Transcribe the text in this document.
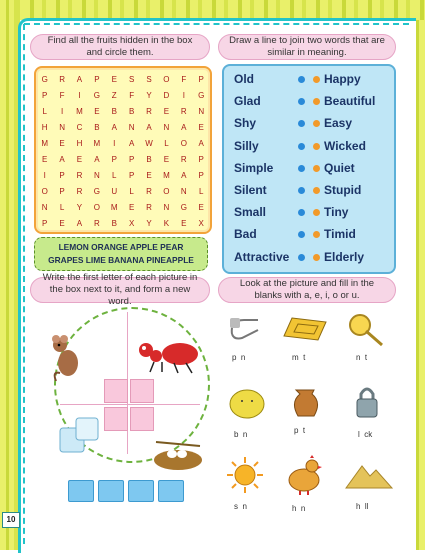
10
Find all the fruits hidden in the box and circle them.
G	R	A	P	E	S	S	O	F	P
P	F	I	G	Z	F	Y	D	I	G
L	I	M	E	B	B	R	E	R	N
H	N	C	B	A	N	A	N	A	E
M	E	H	M	I	A	W	L	O	A
E	A	E	A	P	P	B	E	R	P
I	P	R	N	L	P	E	M	A	P
O	P	R	G	U	L	R	O	N	L
N	L	Y	O	M	E	R	N	G	E
P	E	A	R	B	X	Y	K	E	X
LEMON ORANGE APPLE PEAR
GRAPES LIME BANANA PINEAPPLE
Draw a line to join two words that are similar in meaning.
Old	Happy
Glad	Beautiful
Shy	Easy
Silly	Wicked
Simple	Quiet
Silent	Stupid
Small	Tiny
Bad	Timid
Attractive	Elderly
Write the first letter of each picture in the box next to it, and form a new word.
Look at the picture and fill in the blanks with a, e, i, o or u.
p  n	m  t	n  t
b  n	p  t	l  ck
s  n	h  n	h  ll
